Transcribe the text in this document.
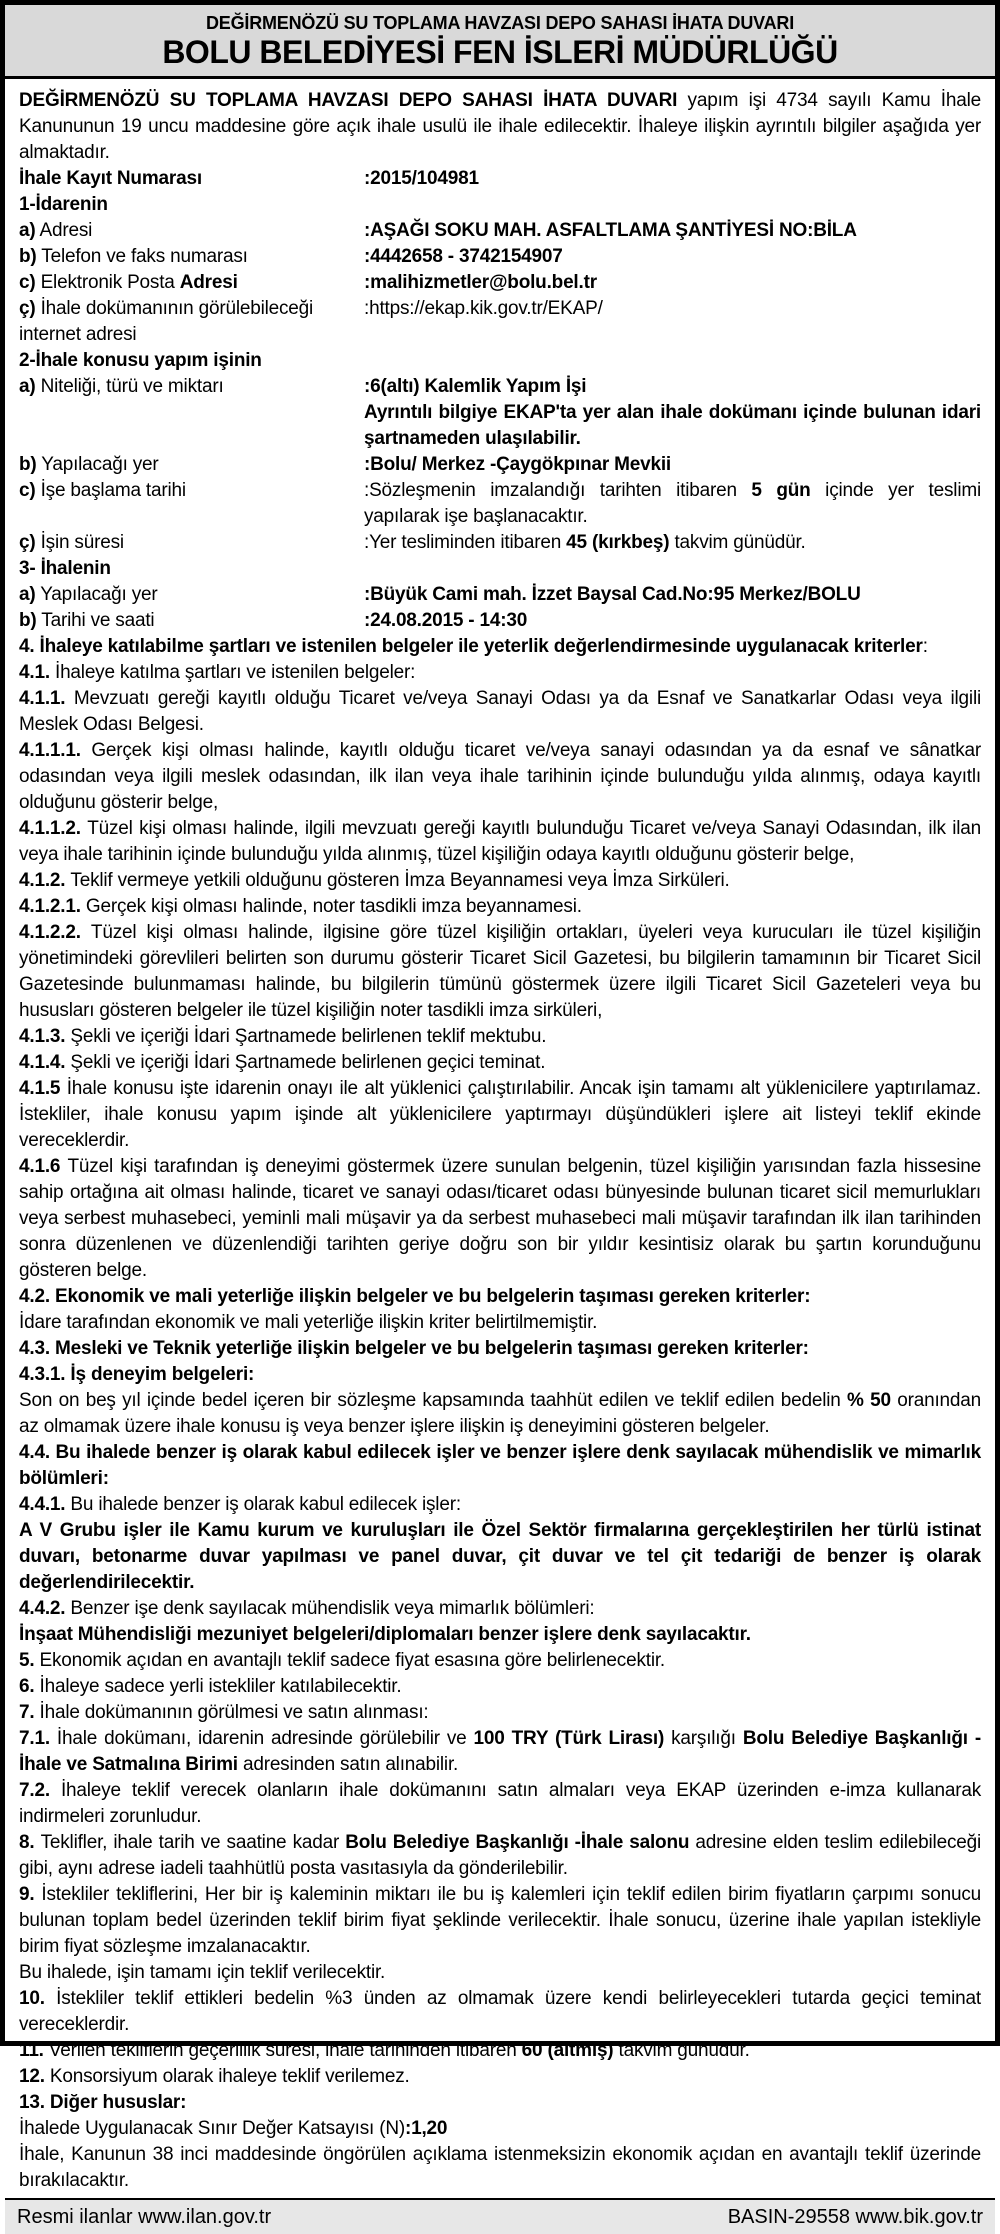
DEĞİRMENÖZÜ SU TOPLAMA HAVZASI DEPO SAHASI İHATA DUVARI
BOLU BELEDİYESİ FEN İSLERİ MÜDÜRLÜĞÜ
DEĞİRMENÖZÜ SU TOPLAMA HAVZASI DEPO SAHASI İHATA DUVARI yapım işi 4734 sayılı Kamu İhale Kanununun 19 uncu maddesine göre açık ihale usulü ile ihale edilecektir. İhaleye ilişkin ayrıntılı bilgiler aşağıda yer almaktadır.
İhale Kayıt Numarası	:2015/104981
1-İdarenin
a) Adresi	:AŞAĞI SOKU MAH. ASFALTLAMA ŞANTİYESİ NO:BİLA
b) Telefon ve faks numarası	:4442658 - 3742154907
c) Elektronik Posta Adresi	:malihizmetler@bolu.bel.tr
ç) İhale dokümanının görülebileceği internet adresi
:https://ekap.kik.gov.tr/EKAP/
2-İhale konusu yapım işinin
a) Niteliği, türü ve miktarı	:6(altı) Kalemlik Yapım İşi
Ayrıntılı bilgiye EKAP'ta yer alan ihale dokümanı içinde bulunan idari şartnameden ulaşılabilir.
b) Yapılacağı yer	:Bolu/ Merkez -Çaygökpınar Mevkii
c) İşe başlama tarihi	:Sözleşmenin imzalandığı tarihten itibaren 5 gün içinde yer teslimi yapılarak işe başlanacaktır.
ç) İşin süresi	:Yer tesliminden itibaren 45 (kırkbeş) takvim günüdür.
3- İhalenin
a) Yapılacağı yer	:Büyük Cami mah. İzzet Baysal Cad.No:95 Merkez/BOLU
b) Tarihi ve saati	:24.08.2015 - 14:30
4. İhaleye katılabilme şartları ve istenilen belgeler ile yeterlik değerlendirmesinde uygulanacak kriterler:
4.1. İhaleye katılma şartları ve istenilen belgeler:
4.1.1. Mevzuatı gereği kayıtlı olduğu Ticaret ve/veya Sanayi Odası ya da Esnaf ve Sanatkarlar Odası veya ilgili Meslek Odası Belgesi.
4.1.1.1. Gerçek kişi olması halinde, kayıtlı olduğu ticaret ve/veya sanayi odasından ya da esnaf ve sânatkar odasından veya ilgili meslek odasından, ilk ilan veya ihale tarihinin içinde bulunduğu yılda alınmış, odaya kayıtlı olduğunu gösterir belge,
4.1.1.2. Tüzel kişi olması halinde, ilgili mevzuatı gereği kayıtlı bulunduğu Ticaret ve/veya Sanayi Odasından, ilk ilan veya ihale tarihinin içinde bulunduğu yılda alınmış, tüzel kişiliğin odaya kayıtlı olduğunu gösterir belge,
4.1.2. Teklif vermeye yetkili olduğunu gösteren İmza Beyannamesi veya İmza Sirküleri.
4.1.2.1. Gerçek kişi olması halinde, noter tasdikli imza beyannamesi.
4.1.2.2. Tüzel kişi olması halinde, ilgisine göre tüzel kişiliğin ortakları, üyeleri veya kurucuları ile tüzel kişiliğin yönetimindeki görevlileri belirten son durumu gösterir Ticaret Sicil Gazetesi, bu bilgilerin tamamının bir Ticaret Sicil Gazetesinde bulunmaması halinde, bu bilgilerin tümünü göstermek üzere ilgili Ticaret Sicil Gazeteleri veya bu hususları gösteren belgeler ile tüzel kişiliğin noter tasdikli imza sirküleri,
4.1.3. Şekli ve içeriği İdari Şartnamede belirlenen teklif mektubu.
4.1.4. Şekli ve içeriği İdari Şartnamede belirlenen geçici teminat.
4.1.5 İhale konusu işte idarenin onayı ile alt yüklenici çalıştırılabilir. Ancak işin tamamı alt yüklenicilere yaptırılamaz. İstekliler, ihale konusu yapım işinde alt yüklenicilere yaptırmayı düşündükleri işlere ait listeyi teklif ekinde vereceklerdir.
4.1.6 Tüzel kişi tarafından iş deneyimi göstermek üzere sunulan belgenin, tüzel kişiliğin yarısından fazla hissesine sahip ortağına ait olması halinde, ticaret ve sanayi odası/ticaret odası bünyesinde bulunan ticaret sicil memurlukları veya serbest muhasebeci, yeminli mali müşavir ya da serbest muhasebeci mali müşavir tarafından ilk ilan tarihinden sonra düzenlenen ve düzenlendiği tarihten geriye doğru son bir yıldır kesintisiz olarak bu şartın korunduğunu gösteren belge.
4.2. Ekonomik ve mali yeterliğe ilişkin belgeler ve bu belgelerin taşıması gereken kriterler:
İdare tarafından ekonomik ve mali yeterliğe ilişkin kriter belirtilmemiştir.
4.3. Mesleki ve Teknik yeterliğe ilişkin belgeler ve bu belgelerin taşıması gereken kriterler:
4.3.1. İş deneyim belgeleri:
Son on beş yıl içinde bedel içeren bir sözleşme kapsamında taahhüt edilen ve teklif edilen bedelin % 50 oranından az olmamak üzere ihale konusu iş veya benzer işlere ilişkin iş deneyimini gösteren belgeler.
4.4. Bu ihalede benzer iş olarak kabul edilecek işler ve benzer işlere denk sayılacak mühendislik ve mimarlık bölümleri:
4.4.1. Bu ihalede benzer iş olarak kabul edilecek işler:
A V Grubu işler ile Kamu kurum ve kuruluşları ile Özel Sektör firmalarına gerçekleştirilen her türlü istinat duvarı, betonarme duvar yapılması ve panel duvar, çit duvar ve tel çit tedariği de benzer iş olarak değerlendirilecektir.
4.4.2. Benzer işe denk sayılacak mühendislik veya mimarlık bölümleri:
İnşaat Mühendisliği mezuniyet belgeleri/diplomaları benzer işlere denk sayılacaktır.
5. Ekonomik açıdan en avantajlı teklif sadece fiyat esasına göre belirlenecektir.
6. İhaleye sadece yerli istekliler katılabilecektir.
7. İhale dokümanının görülmesi ve satın alınması:
7.1. İhale dokümanı, idarenin adresinde görülebilir ve 100 TRY (Türk Lirası) karşılığı Bolu Belediye Başkanlığı - İhale ve Satmalına Birimi adresinden satın alınabilir.
7.2. İhaleye teklif verecek olanların ihale dokümanını satın almaları veya EKAP üzerinden e-imza kullanarak indirmeleri zorunludur.
8. Teklifler, ihale tarih ve saatine kadar Bolu Belediye Başkanlığı -İhale salonu adresine elden teslim edilebileceği gibi, aynı adrese iadeli taahhütlü posta vasıtasıyla da gönderilebilir.
9. İstekliler tekliflerini, Her bir iş kaleminin miktarı ile bu iş kalemleri için teklif edilen birim fiyatların çarpımı sonucu bulunan toplam bedel üzerinden teklif birim fiyat şeklinde verilecektir. İhale sonucu, üzerine ihale yapılan istekliyle birim fiyat sözleşme imzalanacaktır.
Bu ihalede, işin tamamı için teklif verilecektir.
10. İstekliler teklif ettikleri bedelin %3 ünden az olmamak üzere kendi belirleyecekleri tutarda geçici teminat vereceklerdir.
11. Verilen tekliflerin geçerlilik süresi, ihale tarihinden itibaren 60 (altmış) takvim günüdür.
12. Konsorsiyum olarak ihaleye teklif verilemez.
13. Diğer hususlar:
İhalede Uygulanacak Sınır Değer Katsayısı (N):1,20
İhale, Kanunun 38 inci maddesinde öngörülen açıklama istenmeksizin ekonomik açıdan en avantajlı teklif üzerinde bırakılacaktır.
Resmi ilanlar www.ilan.gov.tr	BASIN-29558 www.bik.gov.tr
